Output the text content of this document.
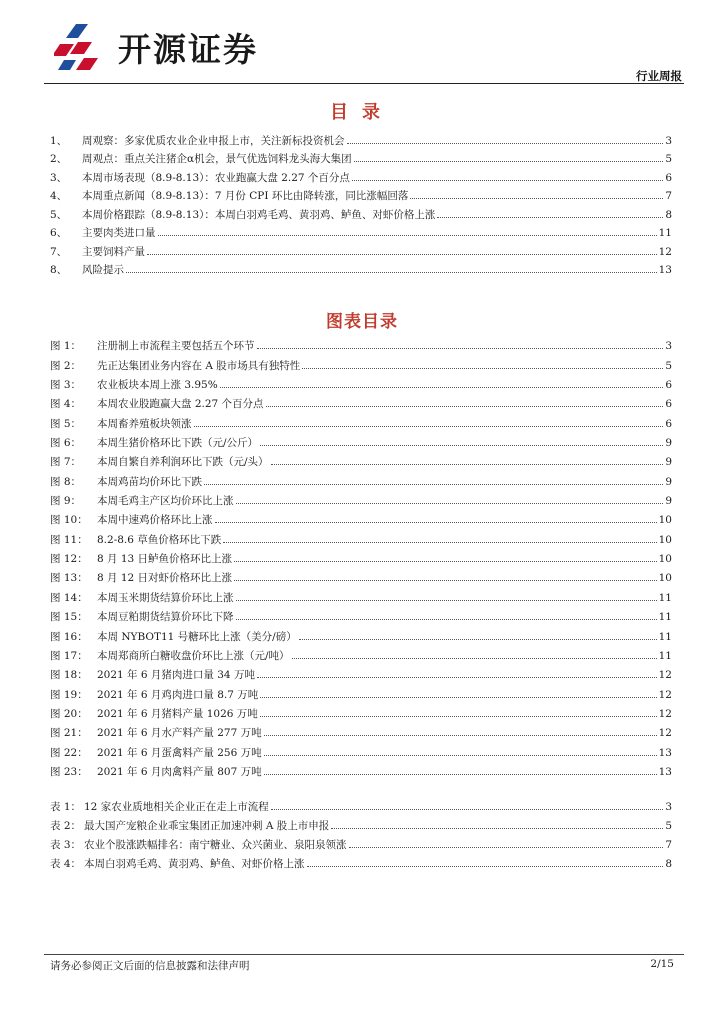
开源证券
行业周报
目录
1、	周观察：多家优质农业企业申报上市，关注新标投资机会	3
2、	周观点：重点关注猪企α机会，景气优选饲料龙头海大集团	5
3、	本周市场表现（8.9-8.13）：农业跑赢大盘 2.27 个百分点	6
4、	本周重点新闻（8.9-8.13）：7 月份 CPI 环比由降转涨，同比涨幅回落	7
5、	本周价格跟踪（8.9-8.13）：本周白羽鸡毛鸡、黄羽鸡、鲈鱼、对虾价格上涨	8
6、	主要肉类进口量	11
7、	主要饲料产量	12
8、	风险提示	13
图表目录
图 1：	注册制上市流程主要包括五个环节	3
图 2：	先正达集团业务内容在 A 股市场具有独特性	5
图 3：	农业板块本周上涨 3.95%	6
图 4：	本周农业股跑赢大盘 2.27 个百分点	6
图 5：	本周畜养殖板块领涨	6
图 6：	本周生猪价格环比下跌（元/公斤）	9
图 7：	本周自繁自养利润环比下跌（元/头）	9
图 8：	本周鸡苗均价环比下跌	9
图 9：	本周毛鸡主产区均价环比上涨	9
图 10： 本周中速鸡价格环比上涨	10
图 11： 8.2-8.6 草鱼价格环比下跌	10
图 12： 8 月 13 日鲈鱼价格环比上涨	10
图 13： 8 月 12 日对虾价格环比上涨	10
图 14： 本周玉米期货结算价环比上涨	11
图 15： 本周豆粕期货结算价环比下降	11
图 16： 本周 NYBOT11 号糖环比上涨（美分/磅）	11
图 17： 本周郑商所白糖收盘价环比上涨（元/吨）	11
图 18： 2021 年 6 月猪肉进口量 34 万吨	12
图 19： 2021 年 6 月鸡肉进口量 8.7 万吨	12
图 20： 2021 年 6 月猪料产量 1026 万吨	12
图 21： 2021 年 6 月水产料产量 277 万吨	12
图 22： 2021 年 6 月蛋禽料产量 256 万吨	13
图 23： 2021 年 6 月肉禽料产量 807 万吨	13
表 1： 12 家农业质地相关企业正在走上市流程	3
表 2： 最大国产宠粮企业乖宝集团正加速冲刺 A 股上市申报	5
表 3： 农业个股涨跌幅排名：南宁糖业、众兴菌业、泉阳泉领涨	7
表 4： 本周白羽鸡毛鸡、黄羽鸡、鲈鱼、对虾价格上涨	8
请务必参阅正文后面的信息披露和法律声明	2/15
